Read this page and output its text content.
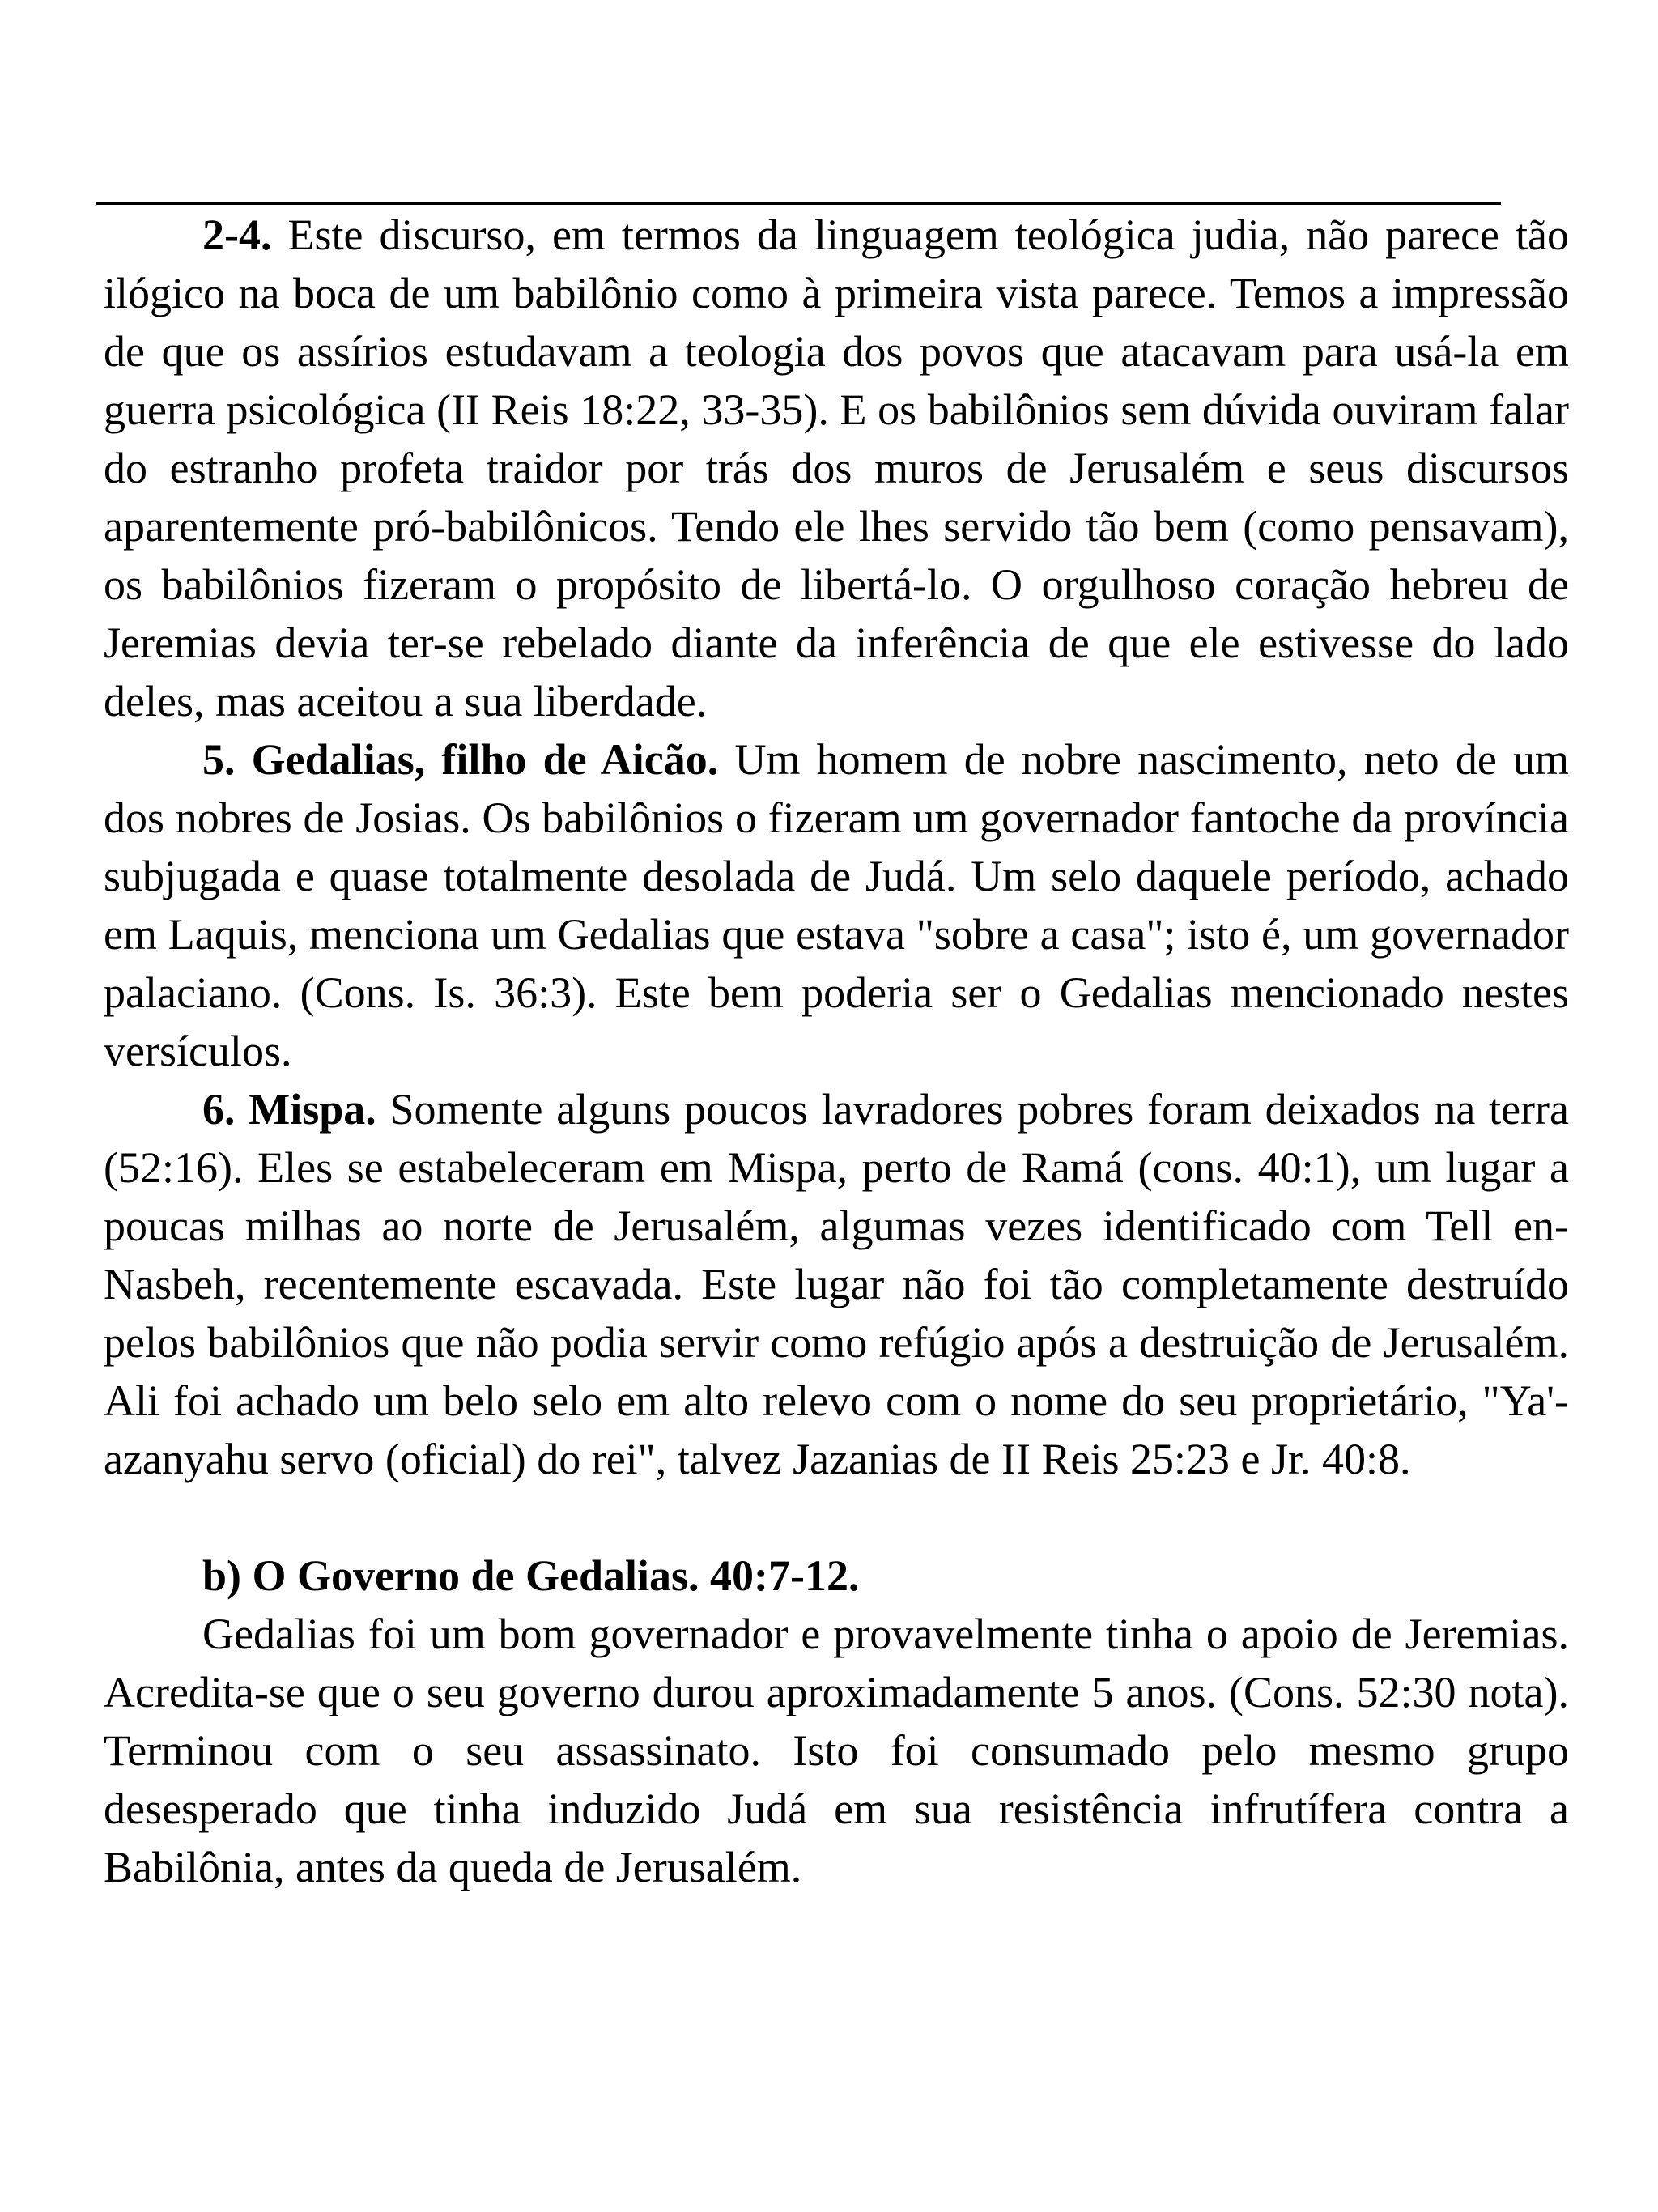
2-4. Este discurso, em termos da linguagem teológica judia, não parece tão ilógico na boca de um babilônio como à primeira vista parece. Temos a impressão de que os assírios estudavam a teologia dos povos que atacavam para usá-la em guerra psicológica (II Reis 18:22, 33-35). E os babilônios sem dúvida ouviram falar do estranho profeta traidor por trás dos muros de Jerusalém e seus discursos aparentemente pró-babilônicos. Tendo ele lhes servido tão bem (como pensavam), os babilônios fizeram o propósito de libertá-lo. O orgulhoso coração hebreu de Jeremias devia ter-se rebelado diante da inferência de que ele estivesse do lado deles, mas aceitou a sua liberdade.

5. Gedalias, filho de Aicão. Um homem de nobre nascimento, neto de um dos nobres de Josias. Os babilônios o fizeram um governador fantoche da província subjugada e quase totalmente desolada de Judá. Um selo daquele período, achado em Laquis, menciona um Gedalias que estava "sobre a casa"; isto é, um governador palaciano. (Cons. Is. 36:3). Este bem poderia ser o Gedalias mencionado nestes versículos.

6. Mispa. Somente alguns poucos lavradores pobres foram deixados na terra (52:16). Eles se estabeleceram em Mispa, perto de Ramá (cons. 40:1), um lugar a poucas milhas ao norte de Jerusalém, algumas vezes identificado com Tell en-Nasbeh, recentemente escavada. Este lugar não foi tão completamente destruído pelos babilônios que não podia servir como refúgio após a destruição de Jerusalém. Ali foi achado um belo selo em alto relevo com o nome do seu proprietário, "Ya'-azanyahu servo (oficial) do rei", talvez Jazanias de II Reis 25:23 e Jr. 40:8.

b) O Governo de Gedalias. 40:7-12.

Gedalias foi um bom governador e provavelmente tinha o apoio de Jeremias. Acredita-se que o seu governo durou aproximadamente 5 anos. (Cons. 52:30 nota). Terminou com o seu assassinato. Isto foi consumado pelo mesmo grupo desesperado que tinha induzido Judá em sua resistência infrutífera contra a Babilônia, antes da queda de Jerusalém.
